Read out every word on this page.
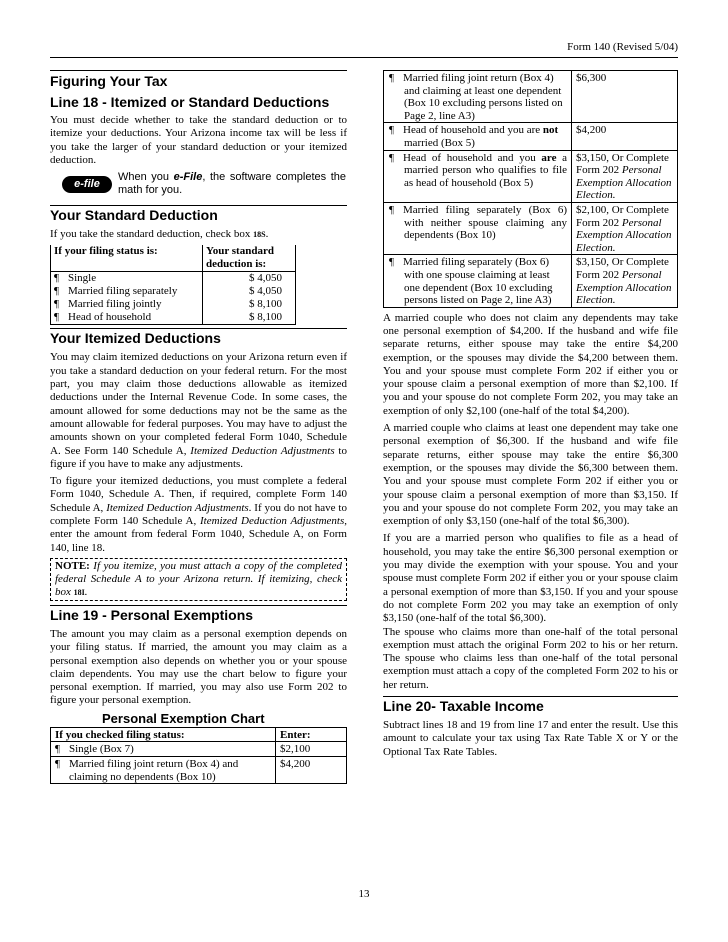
Form 140 (Revised 5/04)
Figuring Your Tax
Line 18 - Itemized or Standard Deductions

You must decide whether to take the standard deduction or to itemize your deductions. Your Arizona income tax will be less if you take the larger of your standard deduction or your itemized deduction.

e-file
When you e-File, the software completes the math for you.
Your Standard Deduction

If you take the standard deduction, check box 18S.

If your filing status is:	Your standard deduction is:
¶ Single	$ 4,050
¶ Married filing separately	$ 4,050
¶ Married filing jointly	$ 8,100
¶ Head of household	$ 8,100
Your Itemized Deductions

You may claim itemized deductions on your Arizona return even if you take a standard deduction on your federal return. For the most part, you may claim those deductions allowable as itemized deductions under the Internal Revenue Code. In some cases, the amount allowed for some deductions may not be the same as the amount allowable for federal purposes. You may have to adjust the amounts shown on your completed federal Form 1040, Schedule A. See Form 140 Schedule A, Itemized Deduction Adjustments to figure if you have to make any adjustments.

To figure your itemized deductions, you must complete a federal Form 1040, Schedule A. Then, if required, complete Form 140 Schedule A, Itemized Deduction Adjustments. If you do not have to complete Form 140 Schedule A, Itemized Deduction Adjustments, enter the amount from federal Form 1040, Schedule A, on Form 140, line 18.

NOTE: If you itemize, you must attach a copy of the completed federal Schedule A to your Arizona return. If itemizing, check box 18I.
Line 19 - Personal Exemptions

The amount you may claim as a personal exemption depends on your filing status. If married, the amount you may claim as a personal exemption also depends on whether you or your spouse claim dependents. You may use the chart below to figure your personal exemption. If married, you may also use Form 202 to figure your personal exemption.

Personal Exemption Chart
If you checked filing status:	Enter:
¶ Single (Box 7)	$2,100
¶ Married filing joint return (Box 4) and claiming no dependents (Box 10)	$4,200
¶ Married filing joint return (Box 4) and claiming at least one dependent (Box 10 excluding persons listed on Page 2, line A3)	$6,300
¶ Head of household and you are not married (Box 5)	$4,200
¶ Head of household and you are a married person who qualifies to file as head of household (Box 5)	$3,150, Or Complete Form 202 Personal Exemption Allocation Election.
¶ Married filing separately (Box 6) with neither spouse claiming any dependents (Box 10)	$2,100, Or Complete Form 202 Personal Exemption Allocation Election.
¶ Married filing separately (Box 6) with one spouse claiming at least one dependent (Box 10 excluding persons listed on Page 2, line A3)	$3,150, Or Complete Form 202 Personal Exemption Allocation Election.

A married couple who does not claim any dependents may take one personal exemption of $4,200. If the husband and wife file separate returns, either spouse may take the entire $4,200 exemption, or the spouses may divide the $4,200 between them. You and your spouse must complete Form 202 if either you or your spouse claim a personal exemption of more than $2,100. If you and your spouse do not complete Form 202, you may take an exemption of only $2,100 (one-half of the total $4,200).

A married couple who claims at least one dependent may take one personal exemption of $6,300. If the husband and wife file separate returns, either spouse may take the entire $6,300 exemption, or the spouses may divide the $6,300 between them. You and your spouse must complete Form 202 if either you or your spouse claim a personal exemption of more than $3,150. If you and your spouse do not complete Form 202, you may take an exemption of only $3,150 (one-half of the total $6,300).

If you are a married person who qualifies to file as a head of household, you may take the entire $6,300 personal exemption or you may divide the exemption with your spouse. You and your spouse must complete Form 202 if either you or your spouse claim a personal exemption of more than $3,150. If you and your spouse do not complete Form 202 you may take an exemption of only $3,150 (one-half of the total $6,300).

The spouse who claims more than one-half of the total personal exemption must attach the original Form 202 to his or her return. The spouse who claims less than one-half of the total personal exemption must attach a copy of the completed Form 202 to his or her return.

Line 20- Taxable Income

Subtract lines 18 and 19 from line 17 and enter the result. Use this amount to calculate your tax using Tax Rate Table X or Y or the Optional Tax Rate Tables.

13
